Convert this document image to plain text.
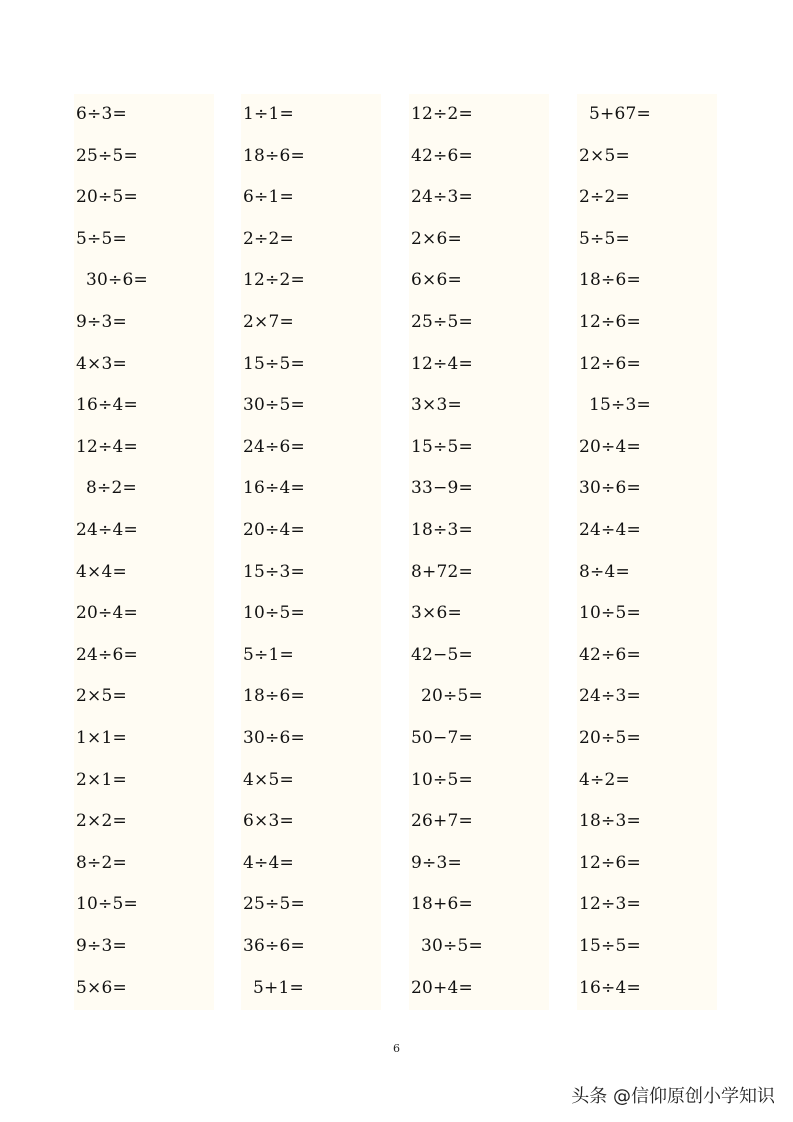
6÷3=
25÷5=
20÷5=
5÷5=
30÷6=
9÷3=
4×3=
16÷4=
12÷4=
8÷2=
24÷4=
4×4=
20÷4=
24÷6=
2×5=
1×1=
2×1=
2×2=
8÷2=
10÷5=
9÷3=
5×6=
1÷1=
18÷6=
6÷1=
2÷2=
12÷2=
2×7=
15÷5=
30÷5=
24÷6=
16÷4=
20÷4=
15÷3=
10÷5=
5÷1=
18÷6=
30÷6=
4×5=
6×3=
4÷4=
25÷5=
36÷6=
5+1=
12÷2=
42÷6=
24÷3=
2×6=
6×6=
25÷5=
12÷4=
3×3=
15÷5=
33−9=
18÷3=
8+72=
3×6=
42−5=
20÷5=
50−7=
10÷5=
26+7=
9÷3=
18+6=
30÷5=
20+4=
5+67=
2×5=
2÷2=
5÷5=
18÷6=
12÷6=
12÷6=
15÷3=
20÷4=
30÷6=
24÷4=
8÷4=
10÷5=
42÷6=
24÷3=
20÷5=
4÷2=
18÷3=
12÷6=
12÷3=
15÷5=
16÷4=
6
头条 @信仰原创小学知识
